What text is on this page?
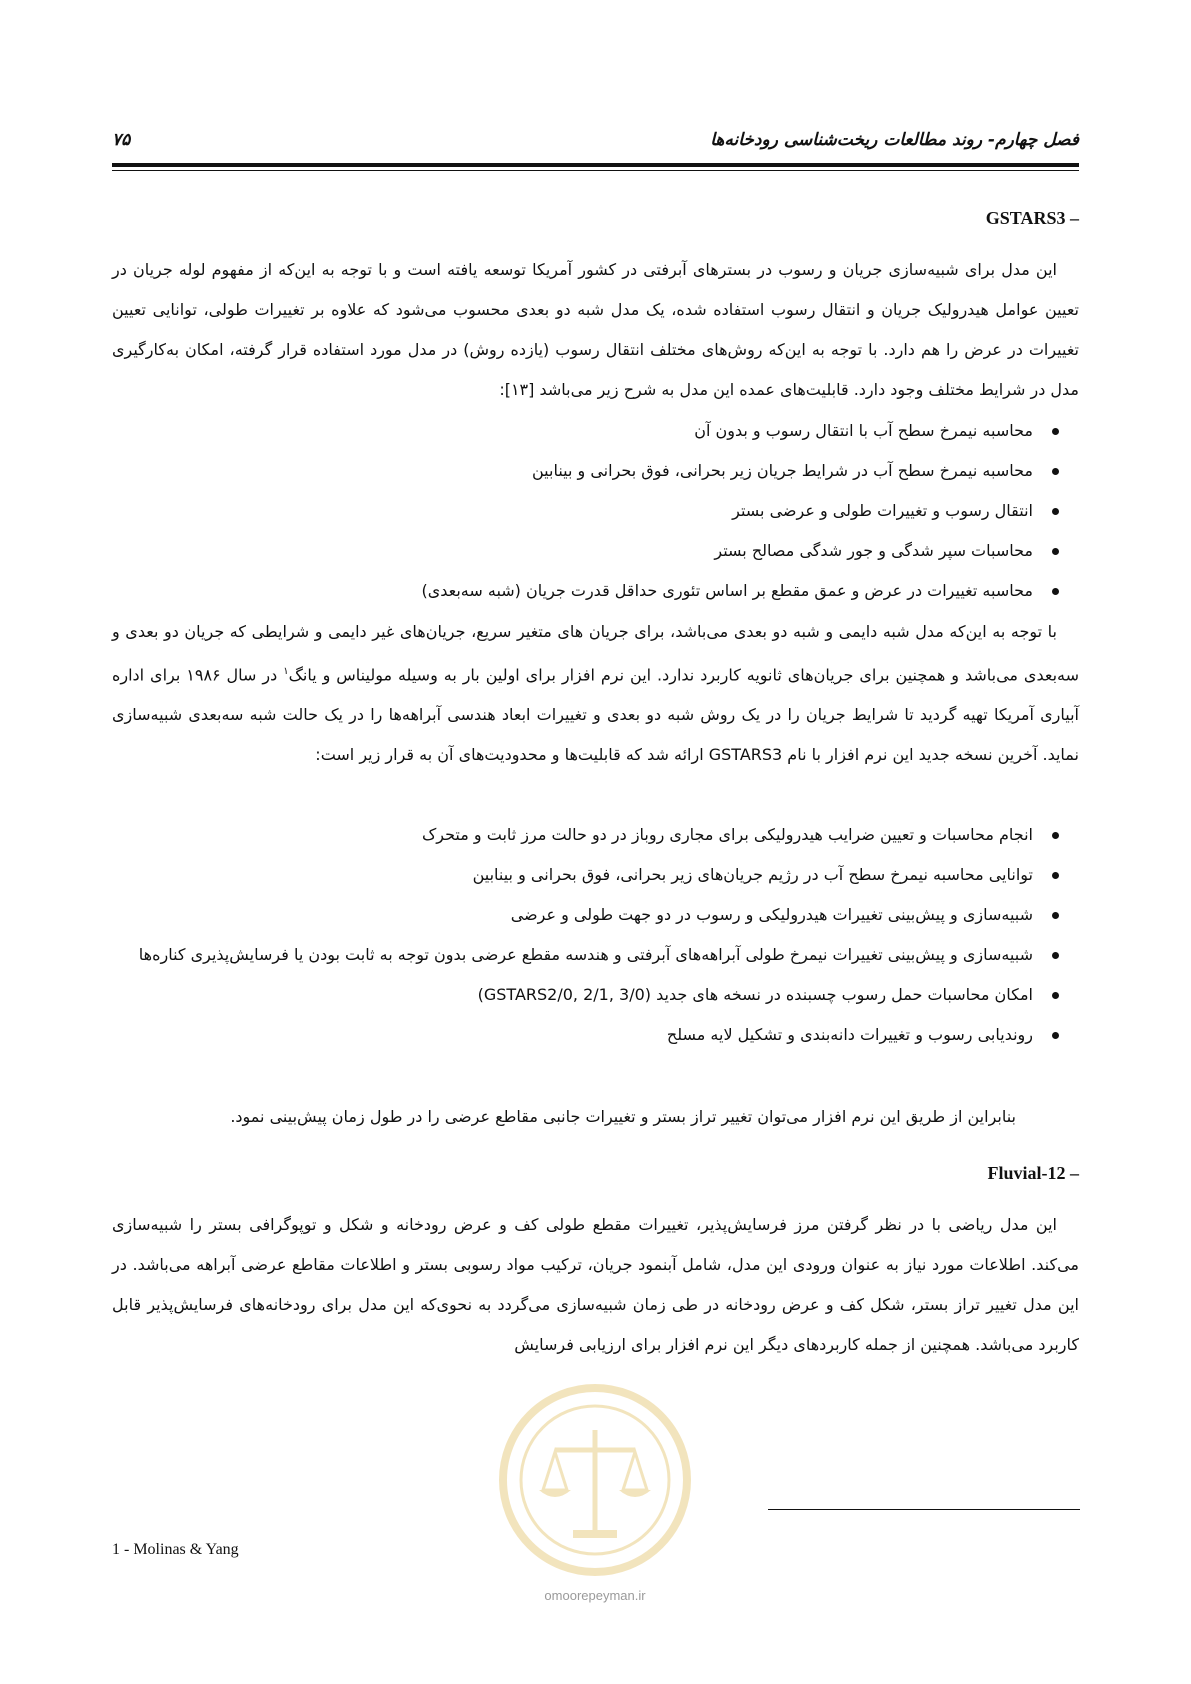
فصل چهارم- روند مطالعات ریخت‌شناسی رودخانه‌ها
۷۵
GSTARS3 –

این مدل برای شبیه‌سازی جریان و رسوب در بسترهای آبرفتی در کشور آمریکا توسعه یافته است و با توجه به این‌که از مفهوم لوله جریان در تعیین عوامل هیدرولیک جریان و انتقال رسوب استفاده شده، یک مدل شبه دو بعدی محسوب می‌شود که علاوه بر تغییرات طولی، توانایی تعیین تغییرات در عرض را هم دارد. با توجه به این‌که روش‌های مختلف انتقال رسوب (یازده روش) در مدل مورد استفاده قرار گرفته، امکان به‌کارگیری مدل در شرایط مختلف وجود دارد. قابلیت‌های عمده این مدل به شرح زیر می‌باشد [۱۳]:

محاسبه نیمرخ سطح آب با انتقال رسوب و بدون آن
محاسبه نیمرخ سطح آب در شرایط جریان زیر بحرانی، فوق بحرانی و بینابین
انتقال رسوب و تغییرات طولی و عرضی بستر
محاسبات سپر شدگی و جور شدگی مصالح بستر
محاسبه تغییرات در عرض و عمق مقطع بر اساس تئوری حداقل قدرت جریان (شبه سه‌بعدی)

با توجه به این‌که مدل شبه دایمی و شبه دو بعدی می‌باشد، برای جریان های متغیر سریع، جریان‌های غیر دایمی و شرایطی که جریان دو بعدی و سه‌بعدی می‌باشد و همچنین برای جریان‌های ثانویه کاربرد ندارد. این نرم افزار برای اولین بار به وسیله مولیناس و یانگ$^۱$ در سال ۱۹۸۶ برای اداره آبیاری آمریکا تهیه گردید تا شرایط جریان را در یک روش شبه دو بعدی و تغییرات ابعاد هندسی آبراهه‌ها را در یک حالت شبه سه‌بعدی شبیه‌سازی نماید. آخرین نسخه جدید این نرم افزار با نام GSTARS3 ارائه شد که قابلیت‌ها و محدودیت‌های آن به قرار زیر است:

انجام محاسبات و تعیین ضرایب هیدرولیکی برای مجاری روباز در دو حالت مرز ثابت و متحرک
توانایی محاسبه نیمرخ سطح آب در رژیم جریان‌های زیر بحرانی، فوق بحرانی و بینابین
شبیه‌سازی و پیش‌بینی تغییرات هیدرولیکی و رسوب در دو جهت طولی و عرضی
شبیه‌سازی و پیش‌بینی تغییرات نیمرخ طولی آبراهه‌های آبرفتی و هندسه مقطع عرضی بدون توجه به ثابت بودن یا فرسایش‌پذیری کناره‌ها
امکان محاسبات حمل رسوب چسبنده در نسخه های جدید (GSTARS2/0, 2/1, 3/0)
روندیابی رسوب و تغییرات دانه‌بندی و تشکیل لایه مسلح

بنابراین از طریق این نرم افزار می‌توان تغییر تراز بستر و تغییرات جانبی مقاطع عرضی را در طول زمان پیش‌بینی نمود.

Fluvial-12 –

این مدل ریاضی با در نظر گرفتن مرز فرسایش‌پذیر، تغییرات مقطع طولی کف و عرض رودخانه و شکل و توپوگرافی بستر را شبیه‌سازی می‌کند. اطلاعات مورد نیاز به عنوان ورودی این مدل، شامل آبنمود جریان، ترکیب مواد رسوبی بستر و اطلاعات مقاطع عرضی آبراهه می‌باشد. در این مدل تغییر تراز بستر، شکل کف و عرض رودخانه در طی زمان شبیه‌سازی می‌گردد به نحوی‌که این مدل برای رودخانه‌های فرسایش‌پذیر قابل کاربرد می‌باشد. همچنین از جمله کاربردهای دیگر این نرم افزار برای ارزیابی فرسایش

1 - Molinas & Yang
omoorepeyman.ir
